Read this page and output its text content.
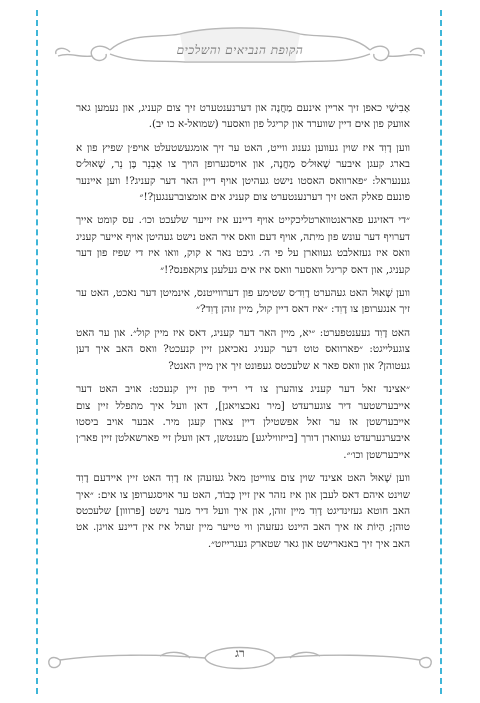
הקופת הנביאים והשלכים

אַבִישַׁי כאפן זיך ארײן אינעם מַחֲנֶה און דערנענטערט זיך צום קעניג, און נעמען גאר אוועק פון אים דיין שווערד און קריגל פון וואסער (שמואל-א כו יב).

ווען דָוִד איז שוין געווען גענוג ווייט, האט ער זיך אומגעשטעלט אויפ׳ן שפיץ פון א בארג קעגן איבער שָׁאוּל׳ס מַחֲנֶה, און אויסגערופן הויך צו אַבְנֵר בֶּן נֵר, שָׁאוּל׳ס גענעראל: ״פארוואס האסטו נישט געהיטן אויף דיין האר דער קעניג?! ווען איינער פונעם פאלק האט זיך דערנענטערט צום קעניג אים אומצוברענגען?!״

״די דאזיגע פאראנטווארטליכקייט אויף דיינע איז זייער שלעכט וכו׳. עס קומט אייך דערויף דער עונש פון מיתה, אויף דעם וואס איר האט נישט געהיטן אויף אייער קעניג וואס איז געזאלבט געווארן על פי ה׳. גיבט נאר א קוק, וואו איז די שפיז פון דער קעניג, און דאס קריגל וואסער וואס איז אים געלעגן צוקאפנס?!״

ווען שָׁאוּל האט געהערט דָוִד׳ס שטימע פון דערווייטנס, אינמיטן דער נאכט, האט ער זיך אנגערופן צו דָוִד: ״איז דאס דיין קול, מיין זוהן דָוִד?״

האט דָוִד געענטפערט: ״יא, מיין האר דער קעניג, דאס איז מיין קול״. און ער האט צוגעלייגט: ״פארוואס טוט דער קעניג נאכיאגן זיין קנעכט? וואס האב איך דען געטוהן? און וואס פאר א שלעכטס געפונט זיך אין מיין האנט?

״אצינד זאל דער קעניג צוהערן צו די רייד פון זיין קנעכט: אויב האט דער אייבערשטער דיר צוגערעדט [מיר נאכצויאגן], דאן וועל איך מתפלל זיין צום אייבערשטן אז ער זאל אפשטילן דיין צארן קעגן מיר. אבער אויב ביסטו איבערגערעדט געווארן דורך [בייזוויליגע] מענטשן, דאן וועלן זיי פארשאלטן זיין פאר׳ן אייבערשטן וכו׳״.

ווען שָׁאוּל האט אצינד שוין צום צווייטן מאל געזעהן אז דָוִד האט זיין איידעם דָוִד שוינט איהם דאס לעבן און איז נזהר אין זיין כָּבוֹד, האט ער אויסגערופן צו אים: ״איך האב חוטא געזינדיגט דָוִד מיין זוהן, און איך וועל דיר מער נישט [פרווון] שלעכטס טוהן; הַיוֹת אז איך האב היינט געזעהן ווי טייער מיין זעהל איז אין דיינע אויגן. אט האב איך זיך באנארישט און גאר שטארק געגרייזט״.

רג
